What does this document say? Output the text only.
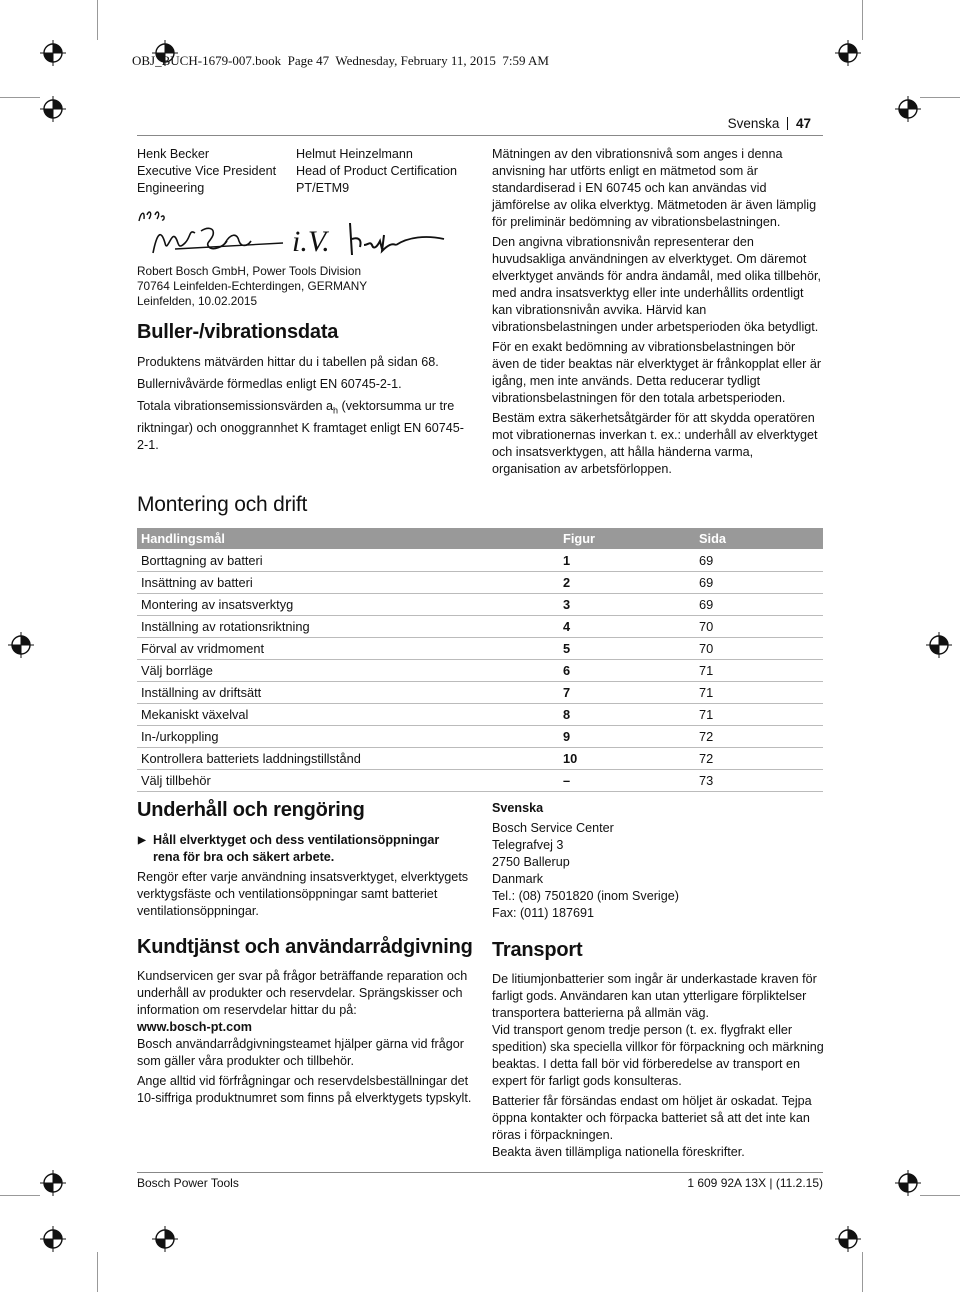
OBJ_BUCH-1679-007.book  Page 47  Wednesday, February 11, 2015  7:59 AM
Svenska 47
Henk Becker
Executive Vice President
Engineering
Helmut Heinzelmann
Head of Product Certification
PT/ETM9
i.V.
Robert Bosch GmbH, Power Tools Division
70764 Leinfelden-Echterdingen, GERMANY
Leinfelden, 10.02.2015
Buller-/vibrationsdata

Produktens mätvärden hittar du i tabellen på sidan 68.

Bullernivåvärde förmedlas enligt EN 60745-2-1.

Totala vibrationsemissionsvärden $a_h$ (vektorsumma ur tre riktningar) och onoggrannhet K framtaget enligt EN 60745-2-1.

Mätningen av den vibrationsnivå som anges i denna anvisning har utförts enligt en mätmetod som är standardiserad i EN 60745 och kan användas vid jämförelse av olika elverktyg. Mätmetoden är även lämplig för preliminär bedömning av vibrationsbelastningen.

Den angivna vibrationsnivån representerar den huvudsakliga användningen av elverktyget. Om däremot elverktyget används för andra ändamål, med olika tillbehör, med andra insatsverktyg eller inte underhållits ordentligt kan vibrationsnivån avvika. Härvid kan vibrationsbelastningen under arbetsperioden öka betydligt.

För en exakt bedömning av vibrationsbelastningen bör även de tider beaktas när elverktyget är frånkopplat eller är igång, men inte används. Detta reducerar tydligt vibrationsbelastningen för den totala arbetsperioden.

Bestäm extra säkerhetsåtgärder för att skydda operatören mot vibrationernas inverkan t. ex.: underhåll av elverktyget och insatsverktygen, att hålla händerna varma, organisation av arbetsförloppen.

Montering och drift
Handlingsmål	Figur	Sida
Borttagning av batteri	1	69
Insättning av batteri	2	69
Montering av insatsverktyg	3	69
Inställning av rotationsriktning	4	70
Förval av vridmoment	5	70
Välj borrläge	6	71
Inställning av driftsätt	7	71
Mekaniskt växelval	8	71
In-/urkoppling	9	72
Kontrollera batteriets laddningstillstånd	10	72
Välj tillbehör	–	73
Underhåll och rengöring
▶ Håll elverktyget och dess ventilationsöppningar rena för bra och säkert arbete.

Rengör efter varje användning insatsverktyget, elverktygets verktygsfäste och ventilationsöppningar samt batteriet ventilationsöppningar.

Kundtjänst och användarrådgivning

Kundservicen ger svar på frågor beträffande reparation och underhåll av produkter och reservdelar. Sprängskisser och information om reservdelar hittar du på:

www.bosch-pt.com

Bosch användarrådgivningsteamet hjälper gärna vid frågor som gäller våra produkter och tillbehör.

Ange alltid vid förfrågningar och reservdelsbeställningar det 10-siffriga produktnumret som finns på elverktygets typskylt.

Svenska
Bosch Service Center
Telegrafvej 3
2750 Ballerup
Danmark
Tel.: (08) 7501820 (inom Sverige)
Fax: (011) 187691
Transport

De litiumjonbatterier som ingår är underkastade kraven för farligt gods. Användaren kan utan ytterligare förpliktelser transportera batterierna på allmän väg.

Vid transport genom tredje person (t. ex. flygfrakt eller spedition) ska speciella villkor för förpackning och märkning beaktas. I detta fall bör vid förberedelse av transport en expert för farligt gods konsulteras.

Batterier får försändas endast om höljet är oskadat. Tejpa öppna kontakter och förpacka batteriet så att det inte kan röras i förpackningen.

Beakta även tillämpliga nationella föreskrifter.

Bosch Power Tools	1 609 92A 13X | (11.2.15)
